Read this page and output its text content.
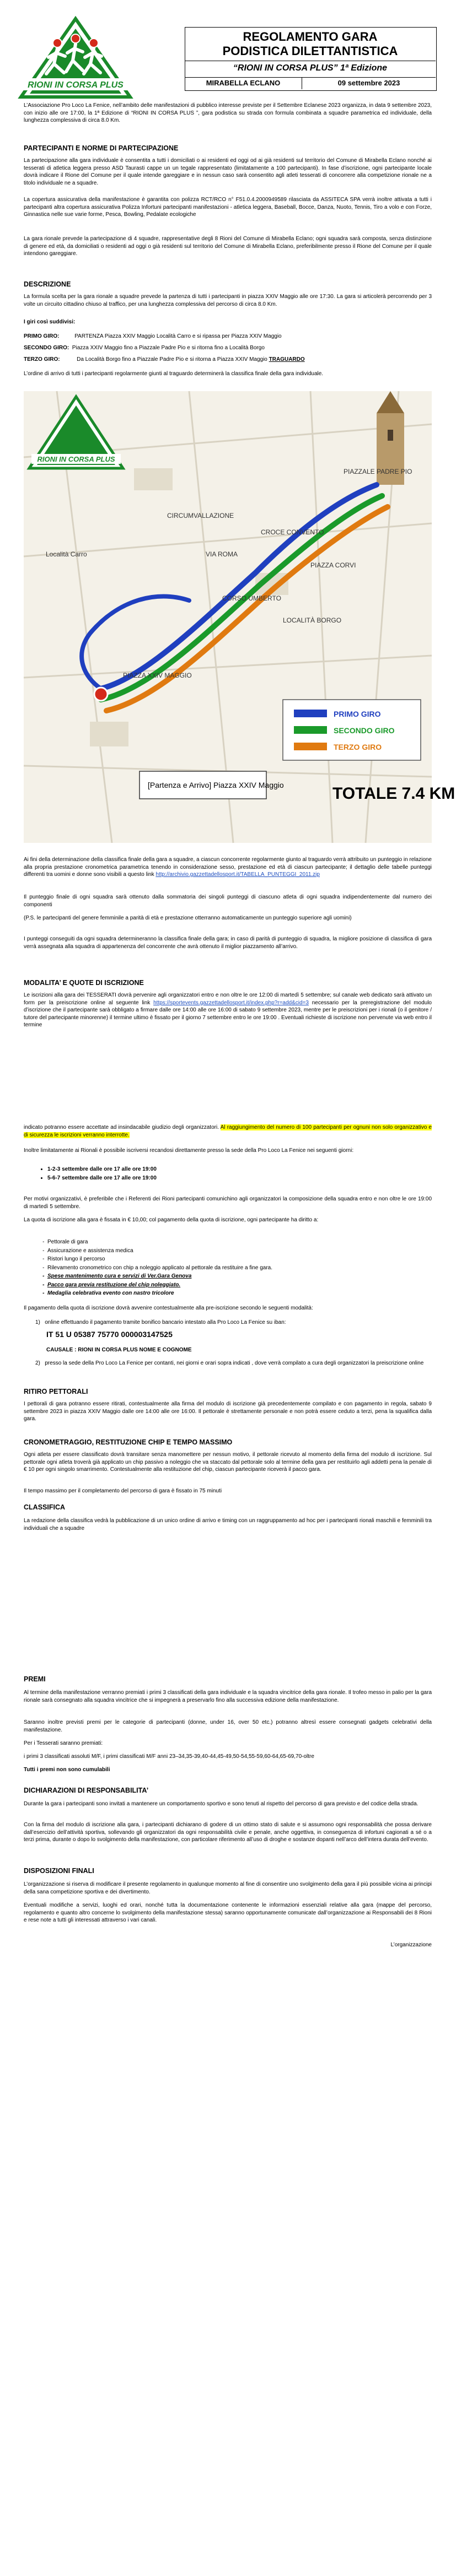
RIONI IN CORSA PLUS
REGOLAMENTO GARA
PODISTICA DILETTANTISTICA
“RIONI IN CORSA PLUS” 1ª Edizione
MIRABELLA ECLANO	09 settembre 2023

L’Associazione Pro Loco La Fenice, nell’ambito delle manifestazioni di pubblico interesse previste per il Settembre Eclanese 2023 organizza, in data 9 settembre 2023, con inizio alle ore 17:00, la 1ª Edizione di “RIONI IN CORSA PLUS ”, gara podistica su strada con formula combinata a squadre parametrica ed individuale, della lunghezza complessiva di circa 8.0 Km.

PARTECIPANTI E NORME DI PARTECIPAZIONE

La partecipazione alla gara individuale è consentita a tutti i domiciliati o ai residenti ed oggi od ai già residenti sul territorio del Comune di Mirabella Eclano nonché ai tesserati di atletica leggera presso ASD Taurasti cappe un un tegale rappresentato (limitatamente a 100 partecipanti). In fase d’iscrizione, ogni partecipante locale dovrà indicare il Rione del Comune per il quale intende gareggiare e in nessun caso sarà consentito agli atleti tesserati di concorrere alla competizione rionale ne a titolo individuale ne a squadre.

La copertura assicurativa della manifestazione è garantita con polizza RCT/RCO n° F51.0.4.2000949589 rilasciata da ASSITECA SPA verrà inoltre attivata a tutti i partecipanti altra copertura assicurativa Polizza Infortuni partecipanti manifestazioni - atletica leggera, Baseball, Bocce, Danza, Nuoto, Tennis, Tiro a volo e con Forze, Ginnastica nelle sue varie forme, Pesca, Bowling, Pedalate ecologiche

La gara rionale prevede la partecipazione di 4 squadre, rappresentative degli 8 Rioni del Comune di Mirabella Eclano; ogni squadra sarà composta, senza distinzione di genere ed età, da domiciliati o residenti ad oggi o già residenti sul territorio del Comune di Mirabella Eclano, preferibilmente presso il Rione del Comune per il quale intendono gareggiare.

DESCRIZIONE

La formula scelta per la gara rionale a squadre prevede la partenza di tutti i partecipanti in piazza XXIV Maggio alle ore 17:30. La gara si articolerà percorrendo per 3 volte un circuito cittadino chiuso al traffico, per una lunghezza complessiva del percorso di circa 8.0 Km.

I giri così suddivisi:

PRIMO GIRO:	PARTENZA Piazza XXIV Maggio Località Carro e si ripassa per Piazza XXIV Maggio

SECONDO GIRO: Piazza XXIV Maggio fino a Piazzale Padre Pio e si ritorna fino a Località Borgo

TERZO GIRO:	Da Località Borgo fino a Piazzale Padre Pio e si ritorna a Piazza XXIV Maggio TRAGUARDO

L’ordine di arrivo di tutti i partecipanti regolarmente giunti al traguardo determinerà la classifica finale della gara individuale.

RIONI IN CORSA PLUS
PIAZZALE PADRE PIO
CIRCUMVALLAZIONE
PIAZZA XXIV MAGGIO
Località Carro
LOCALITÀ BORGO
VIA ROMA
CORSO UMBERTO
PIAZZA CORVI
CROCE CONVENTO
PRIMO GIRO
SECONDO GIRO
TERZO GIRO
[Partenza e Arrivo] Piazza XXIV Maggio	TOTALE 7.4 KM

Ai fini della determinazione della classifica finale della gara a squadre, a ciascun concorrente regolarmente giunto al traguardo verrà attribuito un punteggio in relazione alla propria prestazione cronometrica parametrica tenendo in considerazione sesso, prestazione ed età di ciascun partecipante; il dettaglio delle tabelle punteggi differenti tra uomini e donne sono visibili a questo link http://archivio.gazzettadellosport.it/TABELLA_PUNTEGGI_2011.zip

Il punteggio finale di ogni squadra sarà ottenuto dalla sommatoria dei singoli punteggi di ciascuno atleta di ogni squadra indipendentemente dal numero dei componenti

(P.S. le partecipanti del genere femminile a parità di età e prestazione otterranno automaticamente un punteggio superiore agli uomini)

I punteggi conseguiti da ogni squadra determineranno la classifica finale della gara; in caso di parità di punteggio di squadra, la migliore posizione di classifica di gara verrà assegnata alla squadra di appartenenza del concorrente che avrà ottenuto il miglior piazzamento all’arrivo.

MODALITA’ E QUOTE DI ISCRIZIONE

Le iscrizioni alla gara dei TESSERATI dovrà pervenire agli organizzatori entro e non oltre le ore 12:00 di martedì 5 settembre; sul canale web dedicato sarà attivato un form per la preiscrizione online al seguente link https://sportevents.gazzettadellosport.it/index.php?r=add&cid=3 necessario per la preregistrazione del modulo d’iscrizione che il partecipante sarà obbligato a firmare dalle ore 14:00 alle ore 16:00 di sabato 9 settembre 2023, mentre per le preiscrizioni per i rionali (o il genitore / tutore del partecipante minorenne) il termine ultimo è fissato per il giorno 7 settembre entro le ore 19:00 . Eventuali richieste di iscrizione non pervenute via web entro il termine

indicato potranno essere accettate ad insindacabile giudizio degli organizzatori. Al raggiungimento del numero di 100 partecipanti per ognuni non solo organizzativo e di sicurezza le iscrizioni verranno interrotte.

Inoltre limitatamente ai Rionali è possibile iscriversi recandosi direttamente presso la sede della Pro Loco La Fenice nei seguenti giorni:

• 1-2-3 settembre dalle ore 17 alle ore 19:00
• 5-6-7 settembre dalle ore 17 alle ore 19:00

Per motivi organizzativi, è preferibile che i Referenti dei Rioni partecipanti comunichino agli organizzatori la composizione della squadra entro e non oltre le ore 19:00 di martedì 5 settembre.

La quota di iscrizione alla gara è fissata in € 10,00; col pagamento della quota di iscrizione, ogni partecipante ha diritto a:

- Pettorale di gara
- Assicurazione e assistenza medica
- Ristori lungo il percorso
- Rilevamento cronometrico con chip a noleggio applicato al pettorale da restituire a fine gara.
- Spese mantenimento cura e servizi di Ver.Gara Genova
- Pacco gara previa restituzione del chip noleggiato.
- Medaglia celebrativa evento con nastro tricolore

Il pagamento della quota di iscrizione dovrà avvenire contestualmente alla pre-iscrizione secondo le seguenti modalità:

1)   online effettuando il pagamento tramite bonifico bancario intestato alla Pro Loco La Fenice su iban:

IT 51 U 05387 75770 000003147525

CAUSALE : RIONI IN CORSA PLUS NOME E COGNOME

2)   presso la sede della Pro Loco La Fenice per contanti, nei giorni e orari sopra indicati , dove verrà compilato a cura degli organizzatori la preiscrizione online

RITIRO PETTORALI

I pettorali di gara potranno essere ritirati, contestualmente alla firma del modulo di iscrizione già precedentemente compilato e con pagamento in regola, sabato 9 settembre 2023 in piazza XXIV Maggio dalle ore 14:00 alle ore 16:00. Il pettorale è strettamente personale e non potrà essere ceduto a terzi, pena la squalifica dalla gara.

CRONOMETRAGGIO, RESTITUZIONE CHIP E TEMPO MASSIMO

Ogni atleta per essere classificato dovrà transitare senza manomettere per nessun motivo, il pettorale ricevuto al momento della firma del modulo di iscrizione. Sul pettorale ogni atleta troverà già applicato un chip passivo a noleggio che va staccato dal pettorale solo al termine della gara per restituirlo agli addetti pena la penale di € 10 per ogni singolo smarrimento. Contestualmente alla restituzione del chip, ciascun partecipante riceverà il pacco gara.

Il tempo massimo per il completamento del percorso di gara è fissato in 75 minuti

CLASSIFICA

La redazione della classifica vedrà la pubblicazione di un unico ordine di arrivo e timing con un raggruppamento ad hoc per i partecipanti rionali maschili e femminili tra individuali che a squadre

PREMI

Al termine della manifestazione verranno premiati i primi 3 classificati della gara individuale e la squadra vincitrice della gara rionale. Il trofeo messo in palio per la gara rionale sarà consegnato alla squadra vincitrice che si impegnerà a preservarlo fino alla successiva edizione della manifestazione.

Saranno inoltre previsti premi per le categorie di partecipanti (donne, under 16, over 50 etc.) potranno altresì essere consegnati gadgets celebrativi della manifestazione.

Per i Tesserati saranno premiati:

i primi 3 classificati assoluti M/F, i primi classificati M/F anni 23–34,35-39,40-44,45-49,50-54,55-59,60-64,65-69,70-oltre

Tutti i premi non sono cumulabili

DICHIARAZIONI DI RESPONSABILITA’

Durante la gara i partecipanti sono invitati a mantenere un comportamento sportivo e sono tenuti al rispetto del percorso di gara previsto e del codice della strada.

Con la firma del modulo di iscrizione alla gara, i partecipanti dichiarano di godere di un ottimo stato di salute e si assumono ogni responsabilità che possa derivare dall’esercizio dell’attività sportiva, sollevando gli organizzatori da ogni responsabilità civile e penale, anche oggettiva, in conseguenza di infortuni cagionati a sé o a terzi prima, durante o dopo lo svolgimento della manifestazione, con particolare riferimento all’uso di droghe e sostanze dopanti nell’arco dell’intera durata dell’evento.

DISPOSIZIONI FINALI

L’organizzazione si riserva di modificare il presente regolamento in qualunque momento al fine di consentire uno svolgimento della gara il più possibile vicina ai principi della sana competizione sportiva e dei divertimento.

Eventuali modifiche a servizi, luoghi ed orari, nonché tutta la documentazione contenente le informazioni essenziali relative alla gara (mappe del percorso, regolamento e quanto altro concerne lo svolgimento della manifestazione stessa) saranno opportunamente comunicate dall’organizzazione ai Responsabili dei 8 Rioni e rese note a tutti gli interessati attraverso i vari canali.

L’organizzazione
